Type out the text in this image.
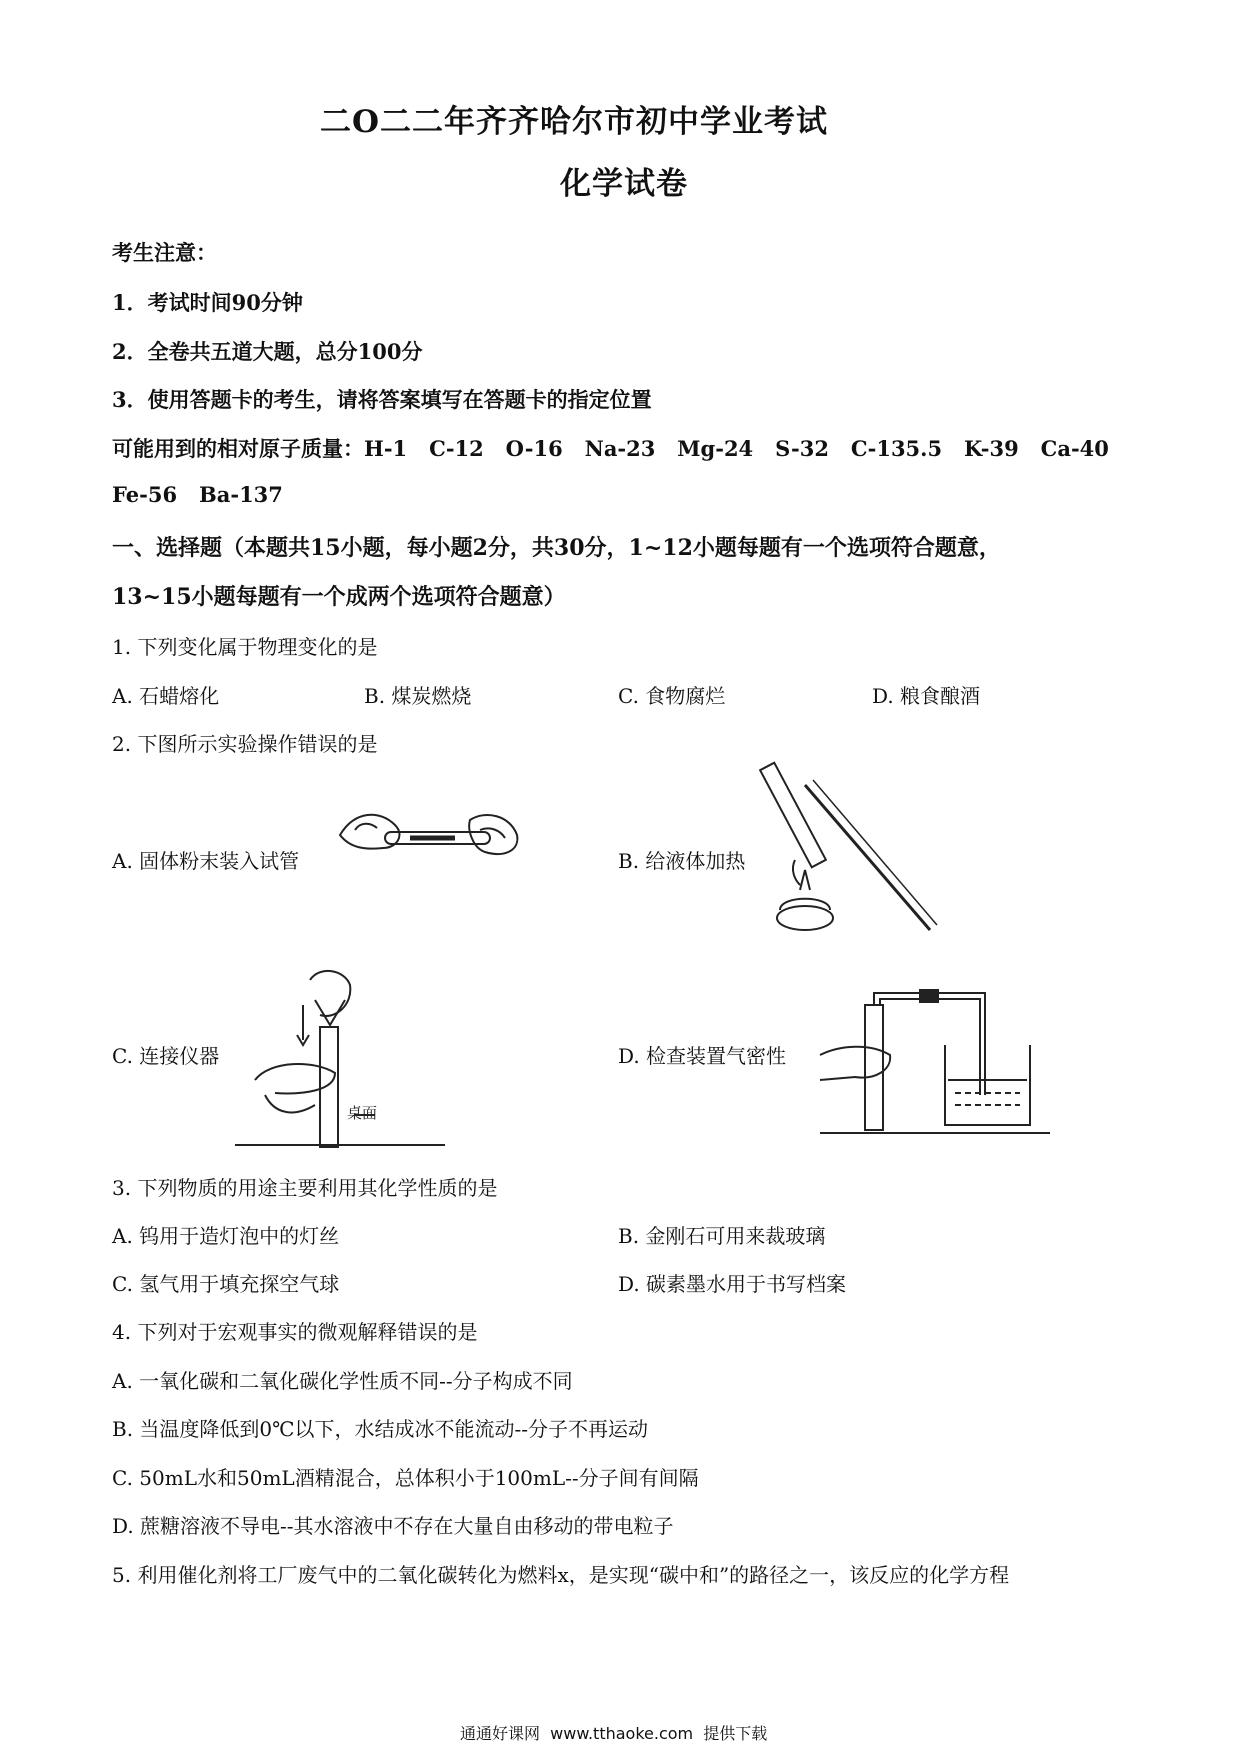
二O二二年齐齐哈尔市初中学业考试
化学试卷
考生注意：
1．考试时间90分钟
2．全卷共五道大题，总分100分
3．使用答题卡的考生，请将答案填写在答题卡的指定位置
可能用到的相对原子质量：H-1   C-12   O-16   Na-23   Mg-24   S-32   C-135.5   K-39   Ca-40
Fe-56   Ba-137
一、选择题（本题共15小题，每小题2分，共30分，1~12小题每题有一个选项符合题意，
13~15小题每题有一个成两个选项符合题意）
1. 下列变化属于物理变化的是
A. 石蜡熔化	B. 煤炭燃烧	C. 食物腐烂	D. 粮食酿酒
2. 下图所示实验操作错误的是
A. 固体粉末装入试管	B. 给液体加热
C. 连接仪器	D. 检查装置气密性
桌面
3. 下列物质的用途主要利用其化学性质的是
A. 钨用于造灯泡中的灯丝	B. 金刚石可用来裁玻璃
C. 氢气用于填充探空气球	D. 碳素墨水用于书写档案
4. 下列对于宏观事实的微观解释错误的是
A. 一氧化碳和二氧化碳化学性质不同--分子构成不同
B. 当温度降低到0℃以下，水结成冰不能流动--分子不再运动
C. 50mL水和50mL酒精混合，总体积小于100mL--分子间有间隔
D. 蔗糖溶液不导电--其水溶液中不存在大量自由移动的带电粒子
5. 利用催化剂将工厂废气中的二氧化碳转化为燃料x，是实现“碳中和”的路径之一，该反应的化学方程
通通好课网  www.tthaoke.com  提供下载
